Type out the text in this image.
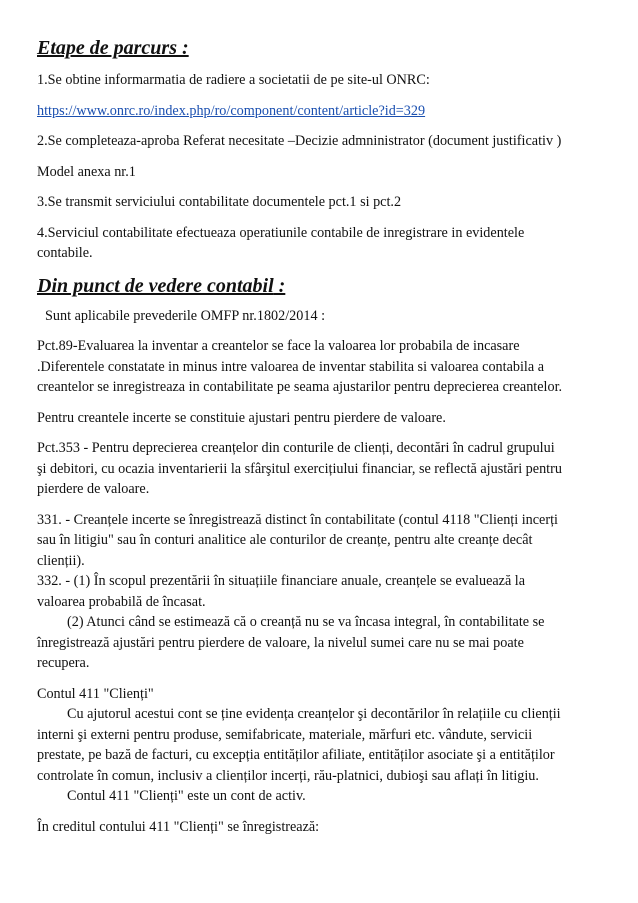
Etape de parcurs :

1.Se obtine informarmatia de radiere a societatii de pe site-ul ONRC:

https://www.onrc.ro/index.php/ro/component/content/article?id=329

2.Se completeaza-aproba Referat necesitate –Decizie admninistrator (document justificativ )

Model anexa nr.1

3.Se transmit serviciului contabilitate documentele pct.1 si pct.2

4.Serviciul contabilitate efectueaza operatiunile contabile de inregistrare in evidentele

contabile.

Din punct de vedere contabil :

Sunt aplicabile prevederile OMFP nr.1802/2014 :

Pct.89-Evaluarea la inventar a creantelor se face la valoarea lor probabila de incasare

.Diferentele constatate in minus intre valoarea de inventar stabilita si valoarea contabila a

creantelor se inregistreaza in contabilitate pe seama ajustarilor pentru deprecierea creantelor.

Pentru creantele incerte se constituie ajustari pentru pierdere de valoare.

Pct.353 - Pentru deprecierea creanțelor din conturile de clienți, decontări în cadrul grupului

şi debitori, cu ocazia inventarierii la sfârşitul exercițiului financiar, se reflectă ajustări pentru

pierdere de valoare.

331. - Creanțele incerte se înregistrează distinct în contabilitate (contul 4118 "Clienți incerți

sau în litigiu" sau în conturi analitice ale conturilor de creanțe, pentru alte creanțe decât

clienții).

332. - (1) În scopul prezentării în situațiile financiare anuale, creanțele se evaluează la

valoarea probabilă de încasat.

(2) Atunci când se estimează că o creanță nu se va încasa integral, în contabilitate se

înregistrează ajustări pentru pierdere de valoare, la nivelul sumei care nu se mai poate

recupera.

Contul 411 "Clienți"

Cu ajutorul acestui cont se ține evidența creanțelor şi decontărilor în relațiile cu clienții

interni şi externi pentru produse, semifabricate, materiale, mărfuri etc. vândute, servicii

prestate, pe bază de facturi, cu excepția entităților afiliate, entităților asociate şi a entităților

controlate în comun, inclusiv a clienților incerți, rău-platnici, dubioşi sau aflați în litigiu.

Contul 411 "Clienți" este un cont de activ.

În creditul contului 411 "Clienți" se înregistrează:
